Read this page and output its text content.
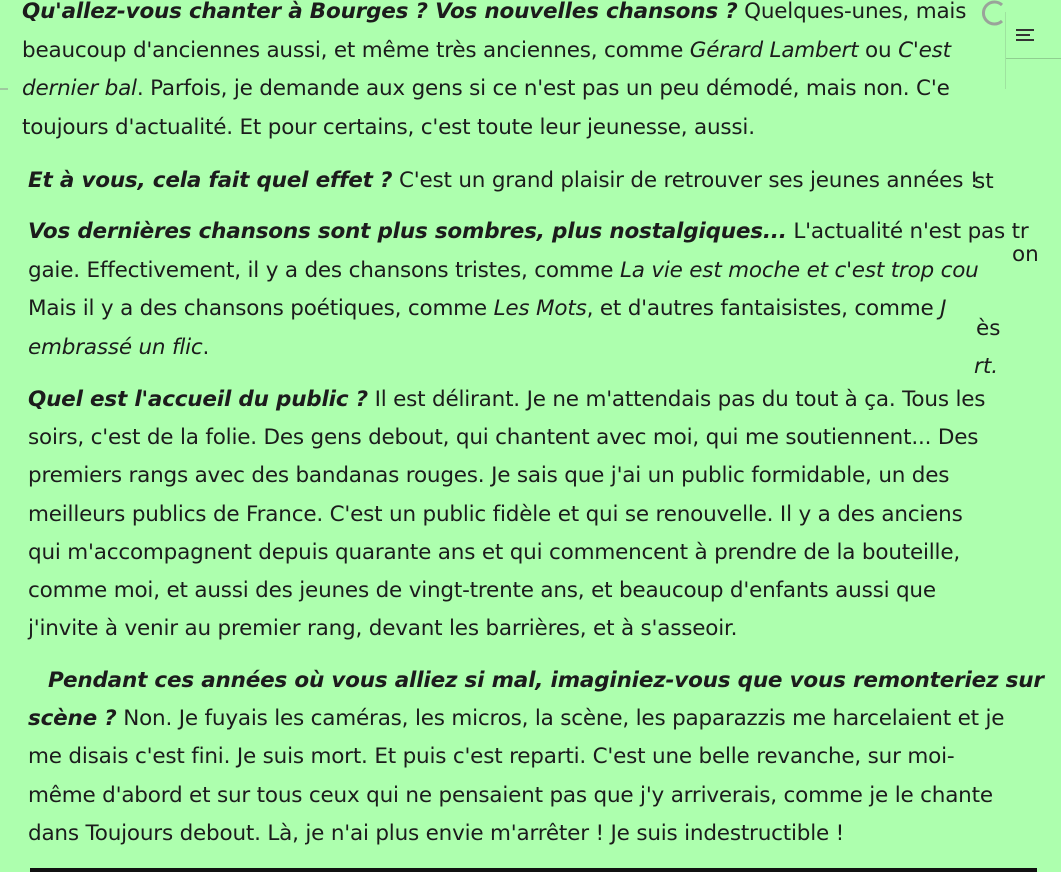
Qu'allez-vous chanter à Bourges ? Vos nouvelles chansons ? Quelques-unes, mais
beaucoup d'anciennes aussi, et même très anciennes, comme Gérard Lambert ou C'est
dernier bal. Parfois, je demande aux gens si ce n'est pas un peu démodé, mais non. C'e
toujours d'actualité. Et pour certains, c'est toute leur jeunesse, aussi.
Et à vous, cela fait quel effet ? C'est un grand plaisir de retrouver ses jeunes années !
Vos dernières chansons sont plus sombres, plus nostalgiques... L'actualité n'est pas tr
gaie. Effectivement, il y a des chansons tristes, comme La vie est moche et c'est trop cou
Mais il y a des chansons poétiques, comme Les Mots, et d'autres fantaisistes, comme J
embrassé un flic.
Quel est l'accueil du public ? Il est délirant. Je ne m'attendais pas du tout à ça. Tous les
soirs, c'est de la folie. Des gens debout, qui chantent avec moi, qui me soutiennent... Des
premiers rangs avec des bandanas rouges. Je sais que j'ai un public formidable, un des
meilleurs publics de France. C'est un public fidèle et qui se renouvelle. Il y a des anciens
qui m'accompagnent depuis quarante ans et qui commencent à prendre de la bouteille,
comme moi, et aussi des jeunes de vingt-trente ans, et beaucoup d'enfants aussi que
j'invite à venir au premier rang, devant les barrières, et à s'asseoir.
Pendant ces années où vous alliez si mal, imaginiez-vous que vous remonteriez sur
scène ? Non. Je fuyais les caméras, les micros, la scène, les paparazzis me harcelaient et je
me disais c'est fini. Je suis mort. Et puis c'est reparti. C'est une belle revanche, sur moi-
même d'abord et sur tous ceux qui ne pensaient pas que j'y arriverais, comme je le chante
dans Toujours debout. Là, je n'ai plus envie m'arrêter ! Je suis indestructible !
st
on
ès
rt.
